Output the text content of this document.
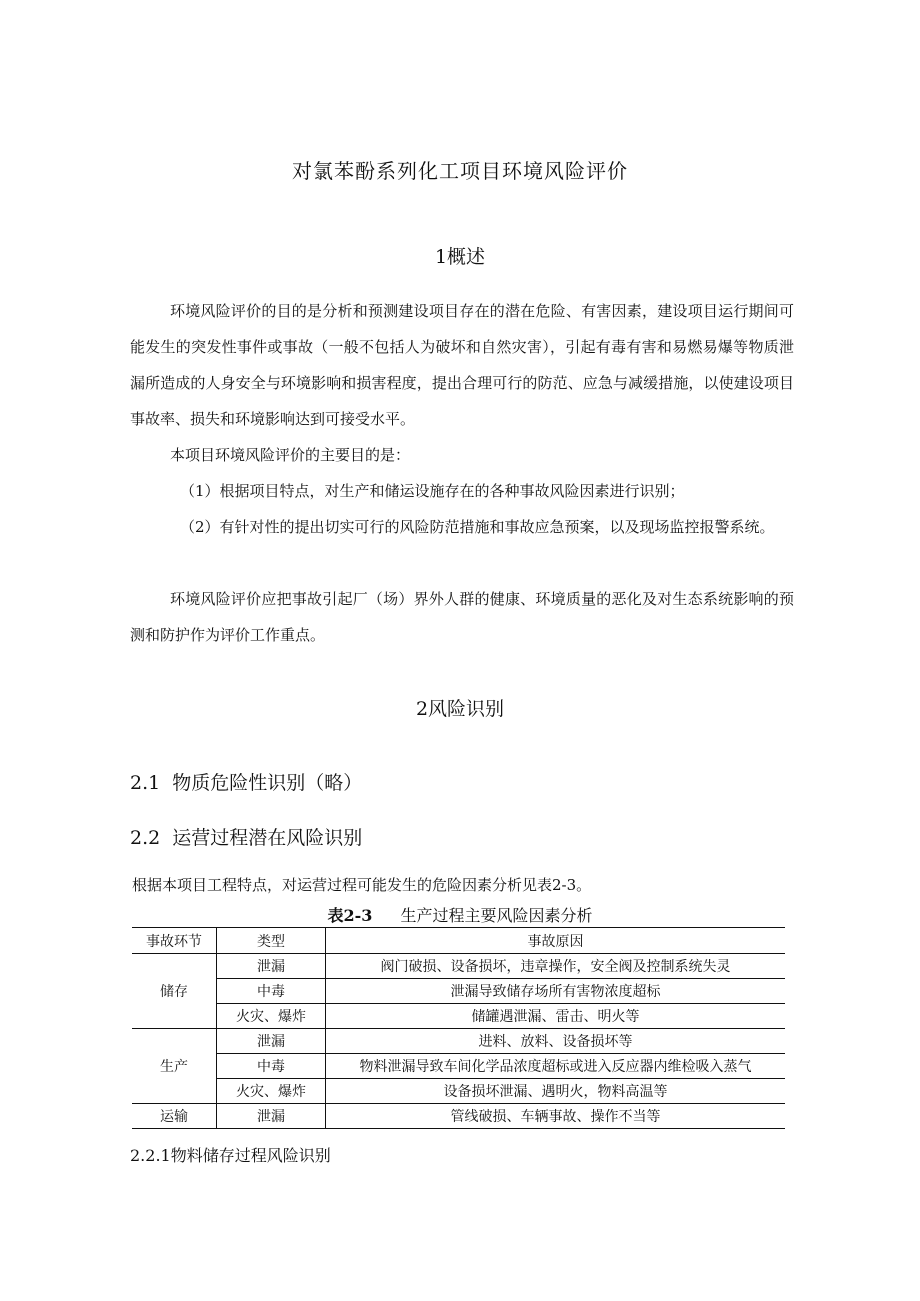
对氯苯酚系列化工项目环境风险评价
1概述

环境风险评价的目的是分析和预测建设项目存在的潜在危险、有害因素，建设项目运行期间可能发生的突发性事件或事故（一般不包括人为破坏和自然灾害），引起有毒有害和易燃易爆等物质泄漏所造成的人身安全与环境影响和损害程度，提出合理可行的防范、应急与减缓措施，以使建设项目事故率、损失和环境影响达到可接受水平。

本项目环境风险评价的主要目的是：

（1）根据项目特点，对生产和储运设施存在的各种事故风险因素进行识别；

（2）有针对性的提出切实可行的风险防范措施和事故应急预案，以及现场监控报警系统。

环境风险评价应把事故引起厂（场）界外人群的健康、环境质量的恶化及对生态系统影响的预测和防护作为评价工作重点。

2风险识别
2.1 物质危险性识别（略）
2.2 运营过程潜在风险识别
根据本项目工程特点，对运营过程可能发生的危险因素分析见表2-3。
表2-3 生产过程主要风险因素分析
事故环节	类型	事故原因
储存	泄漏	阀门破损、设备损坏，违章操作，安全阀及控制系统失灵
	中毒	泄漏导致储存场所有害物浓度超标
	火灾、爆炸	储罐遇泄漏、雷击、明火等
生产	泄漏	进料、放料、设备损坏等
	中毒	物料泄漏导致车间化学品浓度超标或进入反应器内维检吸入蒸气
	火灾、爆炸	设备损坏泄漏、遇明火，物料高温等
运输	泄漏	管线破损、车辆事故、操作不当等
2.2.1物料储存过程风险识别
